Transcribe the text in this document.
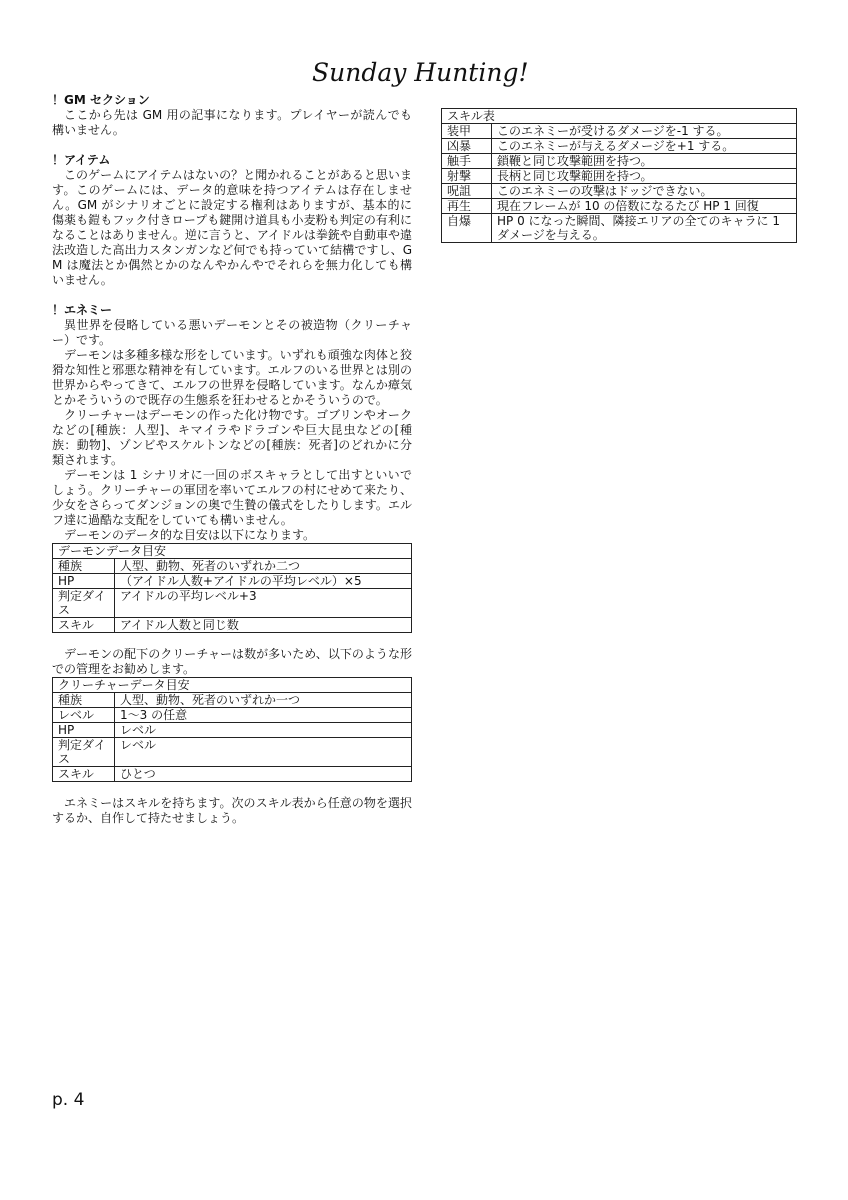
Sunday Hunting!
！GM セクション

ここから先は GM 用の記事になります。プレイヤーが読んでも構いません。

！アイテム

このゲームにアイテムはないの？と聞かれることがあると思います。このゲームには、データ的意味を持つアイテムは存在しません。GM がシナリオごとに設定する権利はありますが、基本的に傷薬も鎧もフック付きロープも鍵開け道具も小麦粉も判定の有利になることはありません。逆に言うと、アイドルは拳銃や自動車や違法改造した高出力スタンガンなど何でも持っていて結構ですし、GM は魔法とか偶然とかのなんやかんやでそれらを無力化しても構いません。

！エネミー

異世界を侵略している悪いデーモンとその被造物（クリーチャー）です。

デーモンは多種多様な形をしています。いずれも頑強な肉体と狡猾な知性と邪悪な精神を有しています。エルフのいる世界とは別の世界からやってきて、エルフの世界を侵略しています。なんか瘴気とかそういうので既存の生態系を狂わせるとかそういうので。

クリーチャーはデーモンの作った化け物です。ゴブリンやオークなどの[種族：人型]、キマイラやドラゴンや巨大昆虫などの[種族：動物]、ゾンビやスケルトンなどの[種族：死者]のどれかに分類されます。

デーモンは 1 シナリオに一回のボスキャラとして出すといいでしょう。クリーチャーの軍団を率いてエルフの村にせめて来たり、少女をさらってダンジョンの奥で生贄の儀式をしたりします。エルフ達に過酷な支配をしていても構いません。

デーモンのデータ的な目安は以下になります。

デーモンデータ目安	
種族	人型、動物、死者のいずれか二つ
HP	（アイドル人数+アイドルの平均レベル）×5
判定ダイス	アイドルの平均レベル+3
スキル	アイドル人数と同じ数

デーモンの配下のクリーチャーは数が多いため、以下のような形での管理をお勧めします。

クリーチャーデータ目安	
種族	人型、動物、死者のいずれか一つ
レベル	1～3 の任意
HP	レベル
判定ダイス	レベル
スキル	ひとつ

エネミーはスキルを持ちます。次のスキル表から任意の物を選択するか、自作して持たせましょう。

スキル表	
装甲	このエネミーが受けるダメージを-1 する。
凶暴	このエネミーが与えるダメージを+1 する。
触手	鎖鞭と同じ攻撃範囲を持つ。
射撃	長柄と同じ攻撃範囲を持つ。
呪詛	このエネミーの攻撃はドッジできない。
再生	現在フレームが 10 の倍数になるたび HP 1 回復
自爆	HP 0 になった瞬間、隣接エリアの全てのキャラに 1 ダメージを与える。
p. 4
